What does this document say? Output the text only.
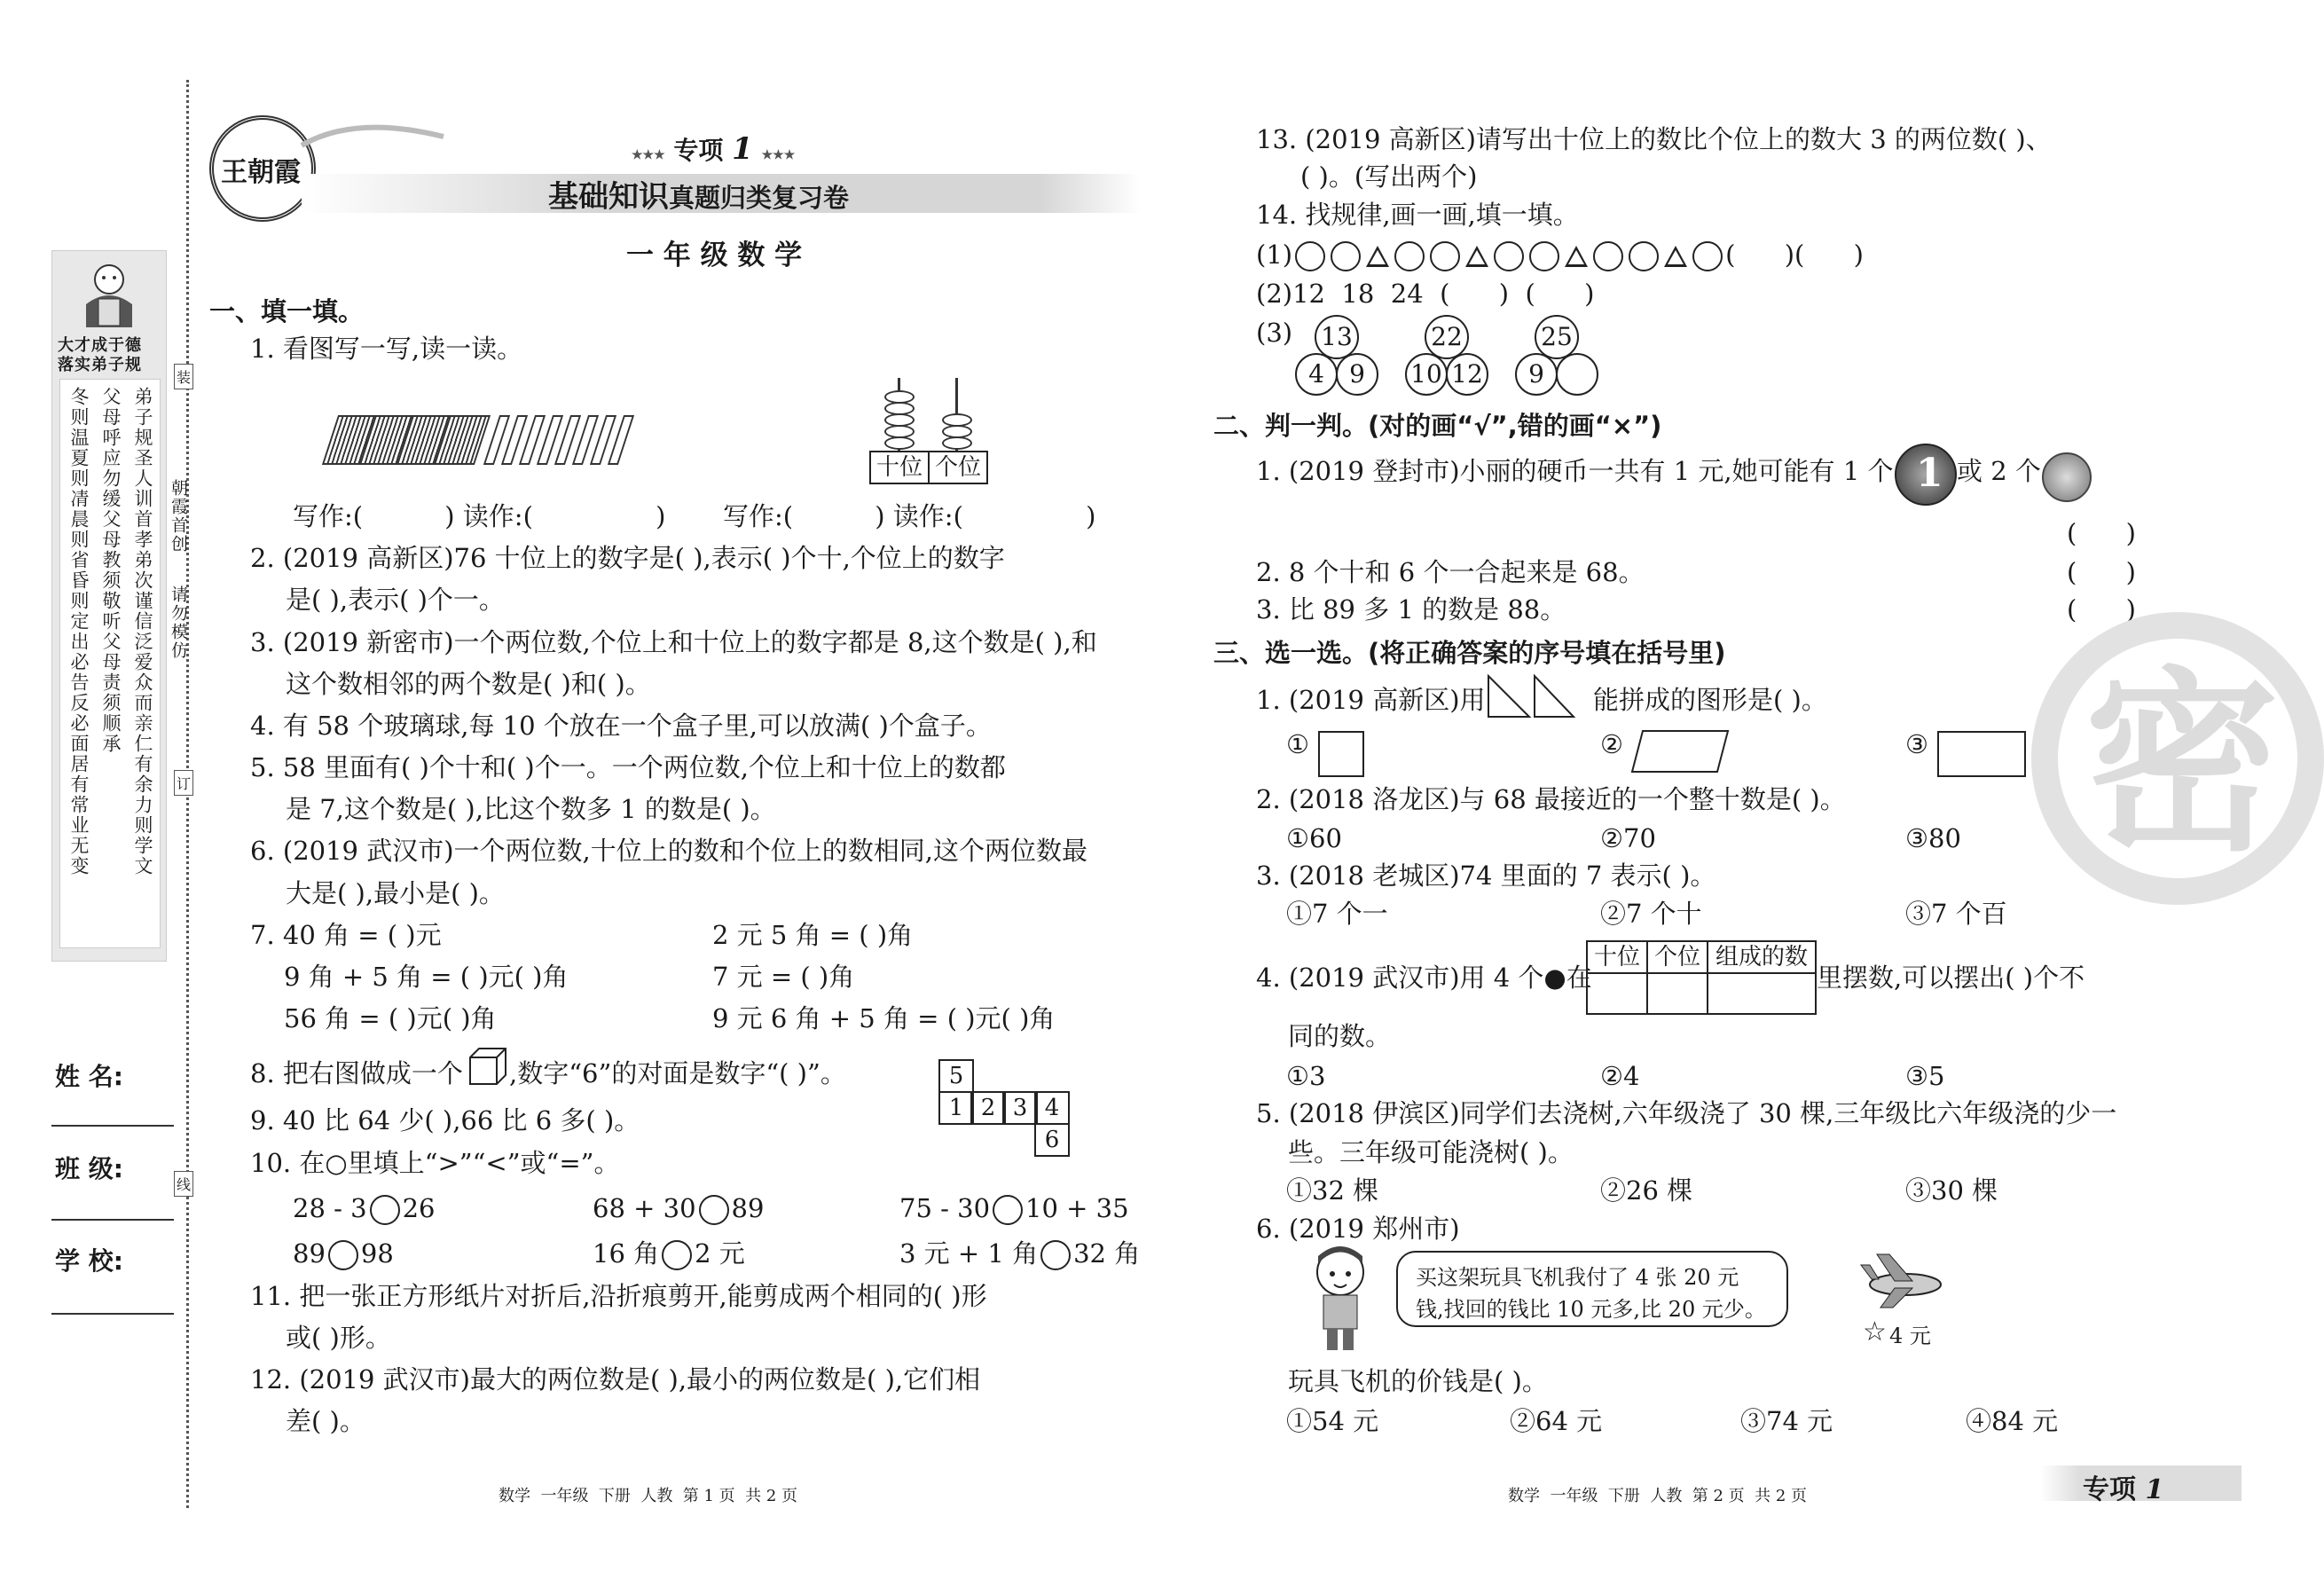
大才成于德
落实弟子规
弟子规圣人训首孝弟次谨信泛爱众而亲仁有余力则学文
父母呼应勿缓父母教须敬听父母责须顺承
冬则温夏则凊晨则省昏则定出必告反必面居有常业无变	朝霞首创
请勿模仿
装
订
线
姓 名:
班 级:
学 校:
王朝霞
★★★ 专项 1 ★★★
基础知识真题归类复习卷
一 年 级 数 学
一、填一填。
1. 看图写一写,读一读。
十位 个位
写作:(          ) 读作:(               )       写作:(          ) 读作:(               )
2. (2019 高新区)76 十位上的数字是( ),表示( )个十,个位上的数字
是( ),表示( )个一。
3. (2019 新密市)一个两位数,个位上和十位上的数字都是 8,这个数是( ),和
这个数相邻的两个数是( )和( )。
4. 有 58 个玻璃球,每 10 个放在一个盒子里,可以放满( )个盒子。
5. 58 里面有( )个十和( )个一。一个两位数,个位上和十位上的数都
是 7,这个数是( ),比这个数多 1 的数是( )。
6. (2019 武汉市)一个两位数,十位上的数和个位上的数相同,这个两位数最
大是( ),最小是( )。
7. 40 角 = ( )元	2 元 5 角 = ( )角
9 角 + 5 角 = ( )元( )角	7 元 = ( )角
56 角 = ( )元( )角	9 元 6 角 + 5 角 = ( )元( )角
8. 把右图做成一个 ,数字“6”的对面是数字“( )”。	5
1 2 3 4
6
9. 40 比 64 少( ),66 比 6 多( )。
10. 在○里填上“>”“<”或“=”。
28 - 3 26	68 + 30 89	75 - 30 10 + 35
89 98	16 角 2 元	3 元 + 1 角 32 角
11. 把一张正方形纸片对折后,沿折痕剪开,能剪成两个相同的( )形
或( )形。
12. (2019 武汉市)最大的两位数是( ),最小的两位数是( ),它们相
差( )。
数学  一年级  下册  人教  第 1 页  共 2 页
13. (2019 高新区)请写出十位上的数比个位上的数大 3 的两位数( )、
( )。(写出两个)
14. 找规律,画一画,填一填。
(1)	(      )(      )
(2)12  18  24  (      )  (      )
(3) 13
4	9
22
10 12
25
9
二、判一判。(对的画“√”,错的画“×”)
1. (2019 登封市)小丽的硬币一共有 1 元,她可能有 1 个 1 或 2 个
(      )
2. 8 个十和 6 个一合起来是 68。	(      )
3. 比 89 多 1 的数是 88。	(      )
三、选一选。(将正确答案的序号填在括号里)
1. (2019 高新区)用	能拼成的图形是( )。
①	②	③
2. (2018 洛龙区)与 68 最接近的一个整十数是( )。
①60	②70	③80
3. (2018 老城区)74 里面的 7 表示( )。
①7 个一	②7 个十	③7 个百
4. (2019 武汉市)用 4 个●在
十位 个位 组成的数
里摆数,可以摆出( )个不
同的数。
①3	②4	③5
5. (2018 伊滨区)同学们去浇树,六年级浇了 30 棵,三年级比六年级浇的少一
些。三年级可能浇树( )。
①32 棵	②26 棵	③30 棵
6. (2019 郑州市)
买这架玩具飞机我付了 4 张 20 元
钱,找回的钱比 10 元多,比 20 元少。
☆ 4 元
玩具飞机的价钱是( )。
①54 元	②64 元	③74 元	④84 元
密
数学  一年级  下册  人教  第 2 页  共 2 页	专项 1
